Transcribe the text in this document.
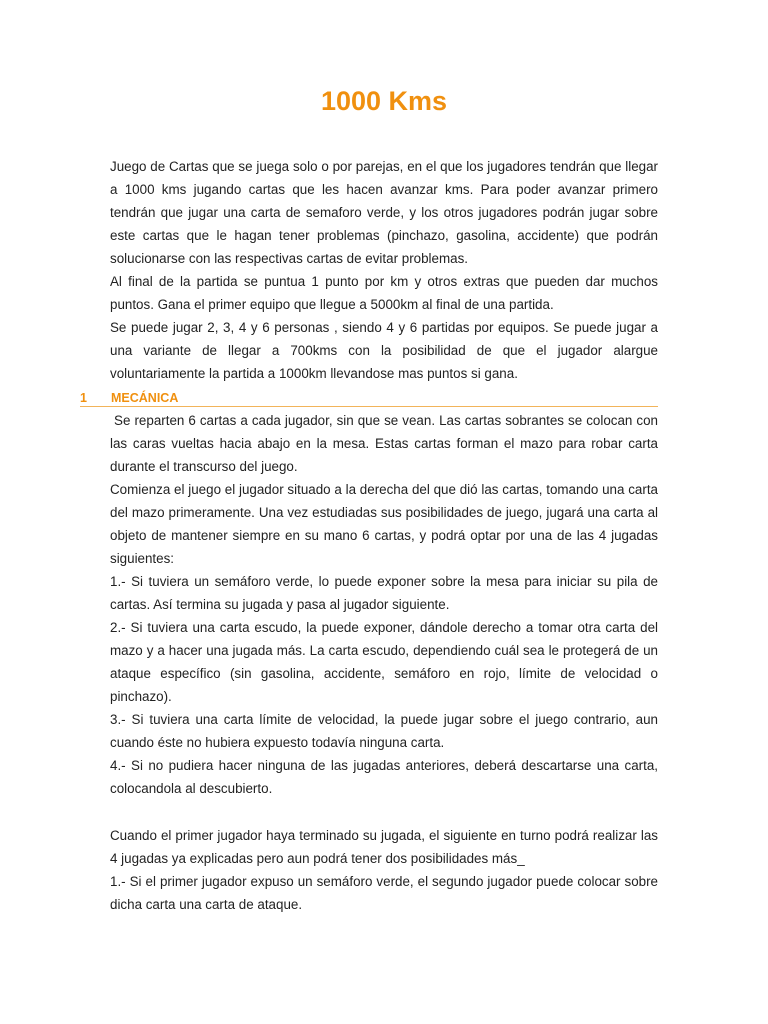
1000 Kms

Juego de Cartas que se juega solo o por parejas, en el que los jugadores tendrán que llegar a 1000 kms jugando cartas que les hacen avanzar kms. Para poder avanzar primero tendrán que jugar una carta de semaforo verde, y los otros jugadores podrán jugar sobre este cartas que le hagan tener problemas (pinchazo, gasolina, accidente) que podrán solucionarse con las respectivas cartas de evitar problemas.

Al final de la partida se puntua 1 punto por km y otros extras que pueden dar muchos puntos. Gana el primer equipo que llegue a 5000km al final de una partida.

Se puede jugar 2, 3, 4 y 6 personas , siendo 4 y 6 partidas por equipos. Se puede jugar a una variante de llegar a 700kms con la posibilidad de que el jugador alargue voluntariamente la partida a 1000km llevandose mas puntos si gana.

1 MECÁNICA

Se reparten 6 cartas a cada jugador, sin que se vean. Las cartas sobrantes se colocan con las caras vueltas hacia abajo en la mesa. Estas cartas forman el mazo para robar carta durante el transcurso del juego.

Comienza el juego el jugador situado a la derecha del que dió las cartas, tomando una carta del mazo primeramente. Una vez estudiadas sus posibilidades de juego, jugará una carta al objeto de mantener siempre en su mano 6 cartas, y podrá optar por una de las 4 jugadas siguientes:

1.- Si tuviera un semáforo verde, lo puede exponer sobre la mesa para iniciar su pila de cartas. Así termina su jugada y pasa al jugador siguiente.

2.- Si tuviera una carta escudo, la puede exponer, dándole derecho a tomar otra carta del mazo y a hacer una jugada más. La carta escudo, dependiendo cuál sea le protegerá de un ataque específico (sin gasolina, accidente, semáforo en rojo, límite de velocidad o pinchazo).

3.- Si tuviera una carta límite de velocidad, la puede jugar sobre el juego contrario, aun cuando éste no hubiera expuesto todavía ninguna carta.

4.- Si no pudiera hacer ninguna de las jugadas anteriores, deberá descartarse una carta,  colocandola al descubierto.

Cuando el primer jugador haya terminado su jugada, el siguiente en turno podrá realizar las 4 jugadas ya explicadas pero aun podrá tener dos posibilidades más_

1.- Si el primer jugador expuso un semáforo verde, el segundo jugador puede colocar sobre dicha carta una carta de ataque.
